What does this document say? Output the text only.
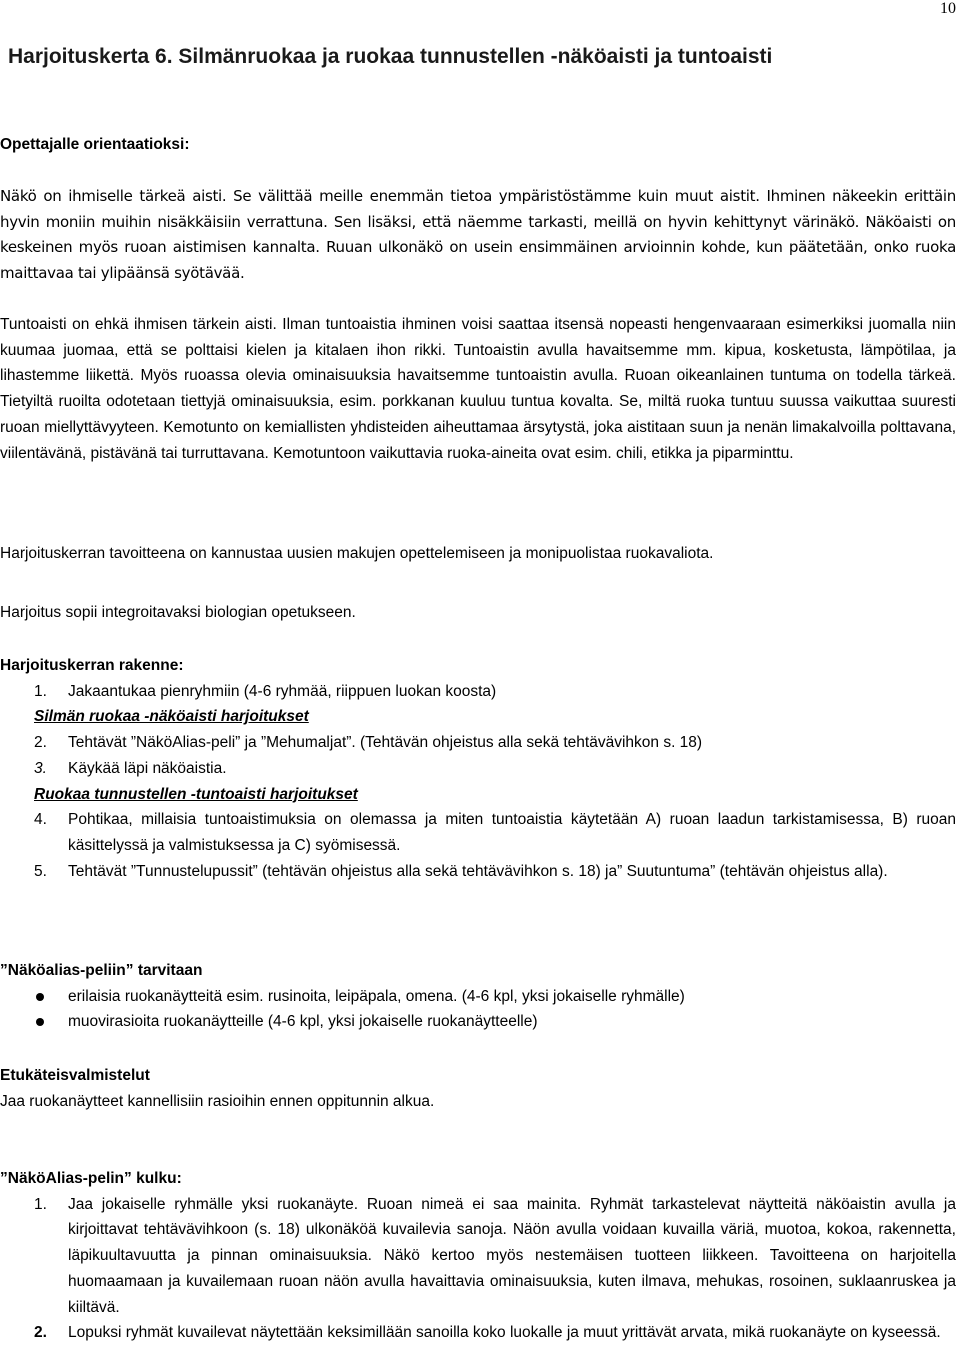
10
Harjoituskerta 6. Silmänruokaa ja ruokaa tunnustellen -näköaisti ja tuntoaisti

Opettajalle orientaatioksi:

Näkö on ihmiselle tärkeä aisti. Se välittää meille enemmän tietoa ympäristöstämme kuin muut aistit. Ihminen näkeekin erittäin hyvin moniin muihin nisäkkäisiin verrattuna. Sen lisäksi, että näemme tarkasti, meillä on hyvin kehittynyt värinäkö. Näköaisti on keskeinen myös ruoan aistimisen kannalta. Ruuan ulkonäkö on usein ensimmäinen arvioinnin kohde, kun päätetään, onko ruoka maittavaa tai ylipäänsä syötävää.

Tuntoaisti on ehkä ihmisen tärkein aisti. Ilman tuntoaistia ihminen voisi saattaa itsensä nopeasti hengenvaaraan esimerkiksi juomalla niin kuumaa juomaa, että se polttaisi kielen ja kitalaen ihon rikki. Tuntoaistin avulla havaitsemme mm. kipua, kosketusta, lämpötilaa, ja lihastemme liikettä. Myös ruoassa olevia ominaisuuksia havaitsemme tuntoaistin avulla. Ruoan oikeanlainen tuntuma on todella tärkeä. Tietyiltä ruoilta odotetaan tiettyjä ominaisuuksia, esim. porkkanan kuuluu tuntua kovalta. Se, miltä ruoka tuntuu suussa vaikuttaa suuresti ruoan miellyttävyyteen. Kemotunto on kemiallisten yhdisteiden aiheuttamaa ärsytystä, joka aistitaan suun ja nenän limakalvoilla polttavana, viilentävänä, pistävänä tai turruttavana. Kemotuntoon vaikuttavia ruoka-aineita ovat esim. chili, etikka ja piparminttu.

Harjoituskerran tavoitteena on kannustaa uusien makujen opettelemiseen ja monipuolistaa ruokavaliota.

Harjoitus sopii integroitavaksi biologian opetukseen.

Harjoituskerran rakenne:

1. Jakaantukaa pienryhmiin (4-6 ryhmää, riippuen luokan koosta)
Silmän ruokaa -näköaisti harjoitukset
2. Tehtävät ”NäköAlias-peli” ja ”Mehumaljat”. (Tehtävän ohjeistus alla sekä tehtävävihkon s. 18)
3. Käykää läpi näköaistia.
Ruokaa tunnustellen -tuntoaisti harjoitukset
4. Pohtikaa, millaisia tuntoaistimuksia on olemassa ja miten tuntoaistia käytetään A) ruoan laadun tarkistamisessa, B) ruoan käsittelyssä ja valmistuksessa ja C) syömisessä.
5. Tehtävät ”Tunnustelupussit” (tehtävän ohjeistus alla sekä tehtävävihkon s. 18) ja” Suutuntuma” (tehtävän ohjeistus alla).

”Näköalias-peliin” tarvitaan

erilaisia ruokanäytteitä esim. rusinoita, leipäpala, omena. (4-6 kpl, yksi jokaiselle ryhmälle)
muovirasioita ruokanäytteille (4-6 kpl, yksi jokaiselle ruokanäytteelle)

Etukäteisvalmistelut

Jaa ruokanäytteet kannellisiin rasioihin ennen oppitunnin alkua.

”NäköAlias-pelin” kulku:

1. Jaa jokaiselle ryhmälle yksi ruokanäyte. Ruoan nimeä ei saa mainita. Ryhmät tarkastelevat näytteitä näköaistin avulla ja kirjoittavat tehtävävihkoon (s. 18) ulkonäköä kuvailevia sanoja. Näön avulla voidaan kuvailla väriä, muotoa, kokoa, rakennetta, läpikuultavuutta ja pinnan ominaisuuksia. Näkö kertoo myös nestemäisen tuotteen liikkeen. Tavoitteena on harjoitella huomaamaan ja kuvailemaan ruoan näön avulla havaittavia ominaisuuksia, kuten ilmava, mehukas, rosoinen, suklaanruskea ja kiiltävä.
2. Lopuksi ryhmät kuvailevat näytettään keksimillään sanoilla koko luokalle ja muut yrittävät arvata, mikä ruokanäyte on kyseessä.
